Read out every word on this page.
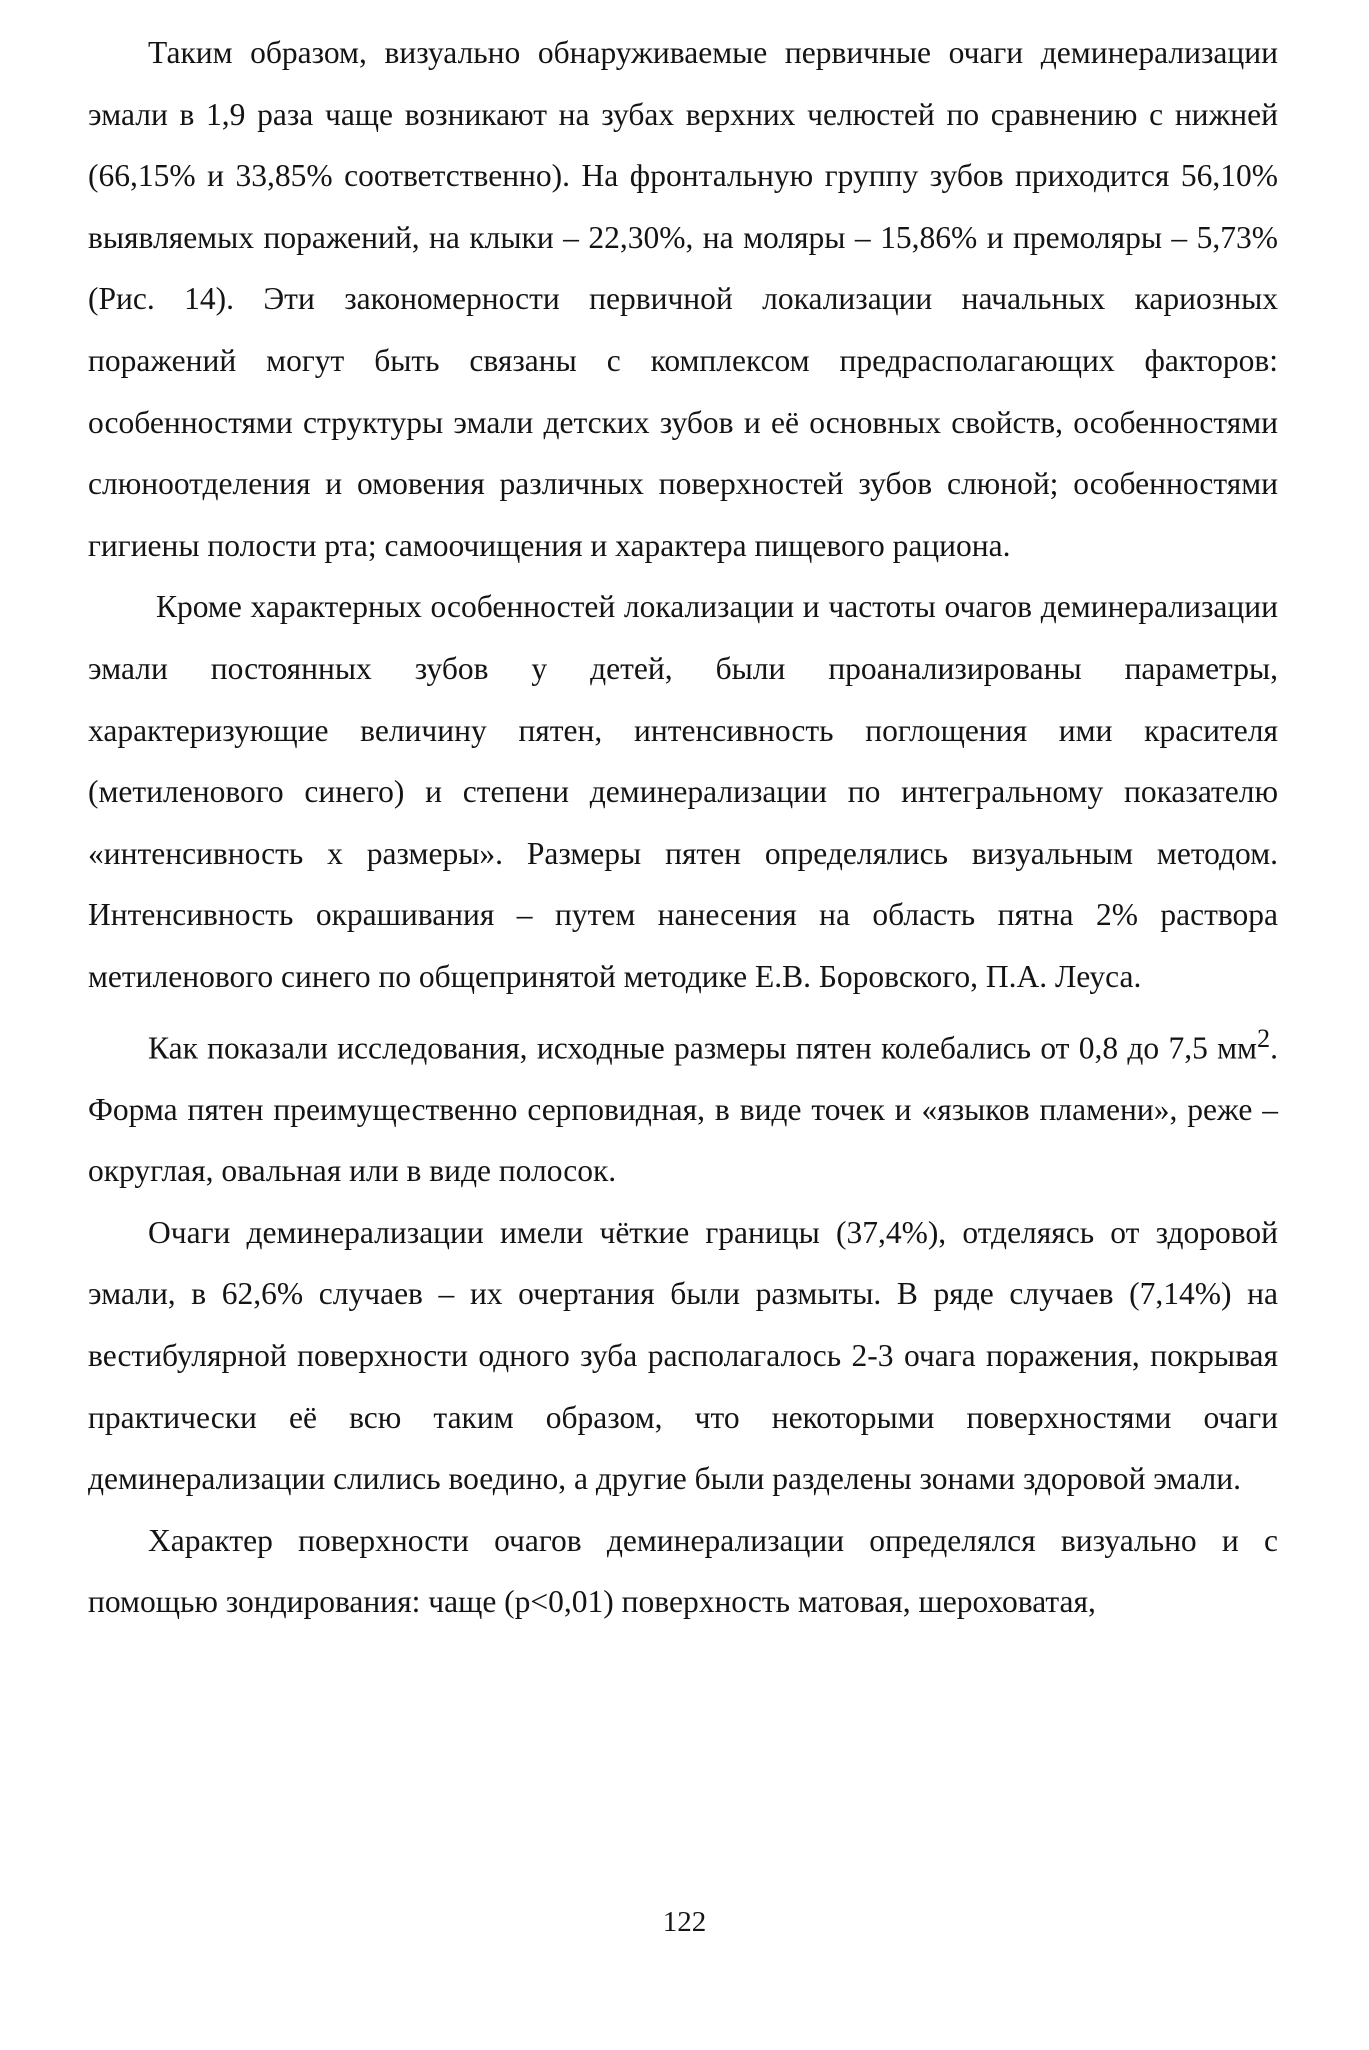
Таким образом, визуально обнаруживаемые первичные очаги деминерализации эмали в 1,9 раза чаще возникают на зубах верхних челюстей по сравнению с нижней (66,15% и 33,85% соответственно). На фронтальную группу зубов приходится 56,10% выявляемых поражений, на клыки – 22,30%, на моляры – 15,86% и премоляры – 5,73% (Рис. 14). Эти закономерности первичной локализации начальных кариозных поражений могут быть связаны с комплексом предрасполагающих факторов: особенностями структуры эмали детских зубов и её основных свойств, особенностями слюноотделения и омовения различных поверхностей зубов слюной; особенностями гигиены полости рта; самоочищения и характера пищевого рациона.

Кроме характерных особенностей локализации и частоты очагов деминерализации эмали постоянных зубов у детей, были проанализированы параметры, характеризующие величину пятен, интенсивность поглощения ими красителя (метиленового синего) и степени деминерализации по интегральному показателю «интенсивность х размеры». Размеры пятен определялись визуальным методом. Интенсивность окрашивания – путем нанесения на область пятна 2% раствора метиленового синего по общепринятой методике Е.В. Боровского, П.А. Леуса.

Как показали исследования, исходные размеры пятен колебались от 0,8 до 7,5 $мм^2$. Форма пятен преимущественно серповидная, в виде точек и «языков пламени», реже – округлая, овальная или в виде полосок.

Очаги деминерализации имели чёткие границы (37,4%), отделяясь от здоровой эмали, в 62,6% случаев – их очертания были размыты. В ряде случаев (7,14%) на вестибулярной поверхности одного зуба располагалось 2-3 очага поражения, покрывая практически её всю таким образом, что некоторыми поверхностями очаги деминерализации слились воедино, а другие были разделены зонами здоровой эмали.

Характер поверхности очагов деминерализации определялся визуально и с помощью зондирования: чаще (p<0,01) поверхность матовая, шероховатая,

122
